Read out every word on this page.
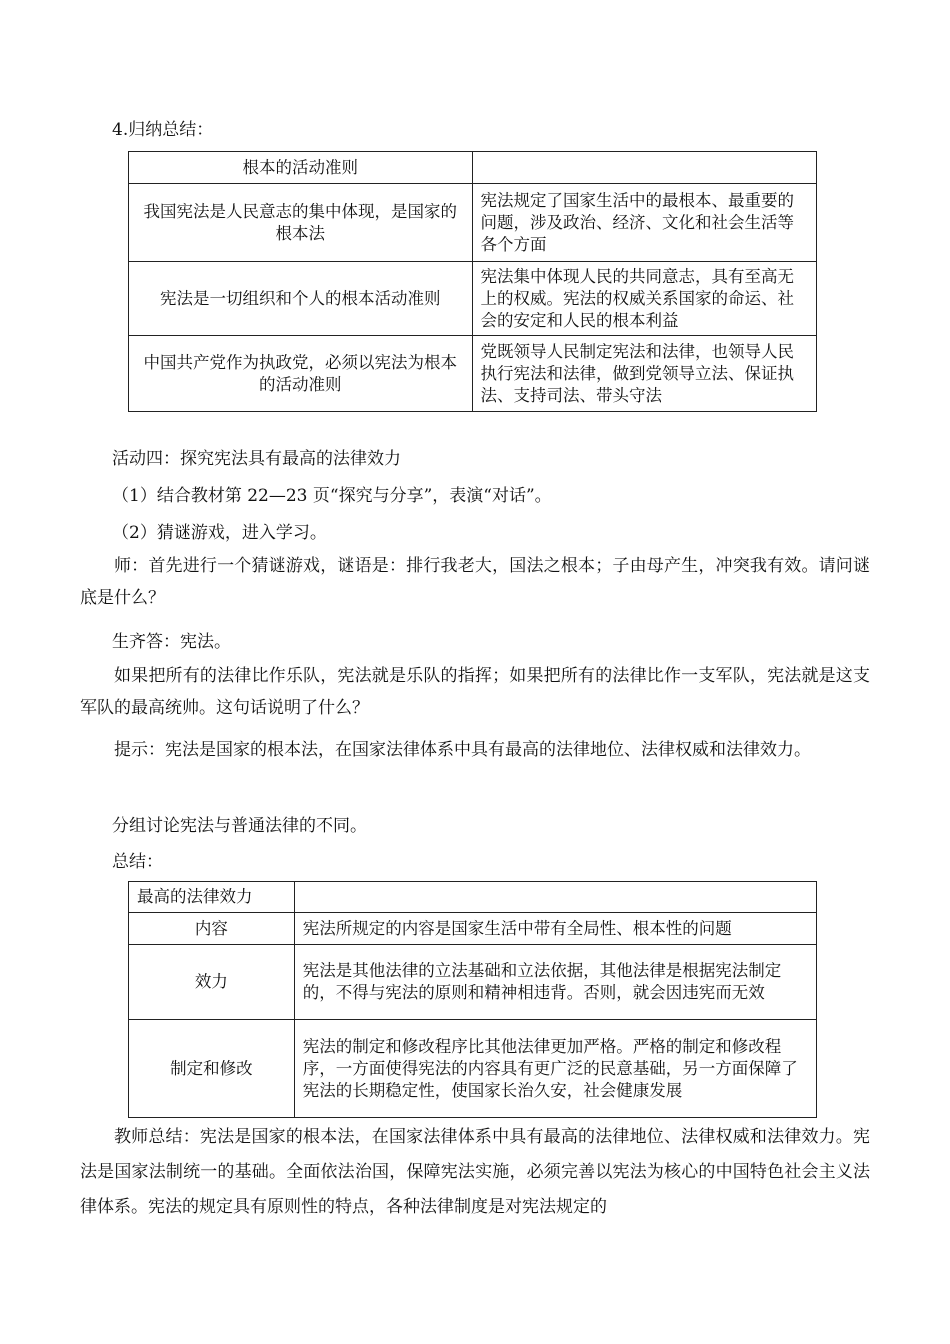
4.归纳总结：

根本的活动准则	
我国宪法是人民意志的集中体现，是国家的根本法	宪法规定了国家生活中的最根本、最重要的问题，涉及政治、经济、文化和社会生活等各个方面
宪法是一切组织和个人的根本活动准则	宪法集中体现人民的共同意志，具有至高无上的权威。宪法的权威关系国家的命运、社会的安定和人民的根本利益
中国共产党作为执政党，必须以宪法为根本的活动准则	党既领导人民制定宪法和法律，也领导人民执行宪法和法律，做到党领导立法、保证执法、支持司法、带头守法

活动四：探究宪法具有最高的法律效力

（1）结合教材第 22—23 页“探究与分享”，表演“对话”。

（2）猜谜游戏，进入学习。

师：首先进行一个猜谜游戏，谜语是：排行我老大，国法之根本；子由母产生，冲突我有效。请问谜底是什么？

生齐答：宪法。

如果把所有的法律比作乐队，宪法就是乐队的指挥；如果把所有的法律比作一支军队，宪法就是这支军队的最高统帅。这句话说明了什么？

提示：宪法是国家的根本法，在国家法律体系中具有最高的法律地位、法律权威和法律效力。

分组讨论宪法与普通法律的不同。

总结：

最高的法律效力	
内容	宪法所规定的内容是国家生活中带有全局性、根本性的问题
效力	宪法是其他法律的立法基础和立法依据，其他法律是根据宪法制定的，不得与宪法的原则和精神相违背。否则，就会因违宪而无效
制定和修改	宪法的制定和修改程序比其他法律更加严格。严格的制定和修改程序，一方面使得宪法的内容具有更广泛的民意基础，另一方面保障了宪法的长期稳定性，使国家长治久安，社会健康发展

教师总结：宪法是国家的根本法，在国家法律体系中具有最高的法律地位、法律权威和法律效力。宪法是国家法制统一的基础。全面依法治国，保障宪法实施，必须完善以宪法为核心的中国特色社会主义法律体系。宪法的规定具有原则性的特点，各种法律制度是对宪法规定的
